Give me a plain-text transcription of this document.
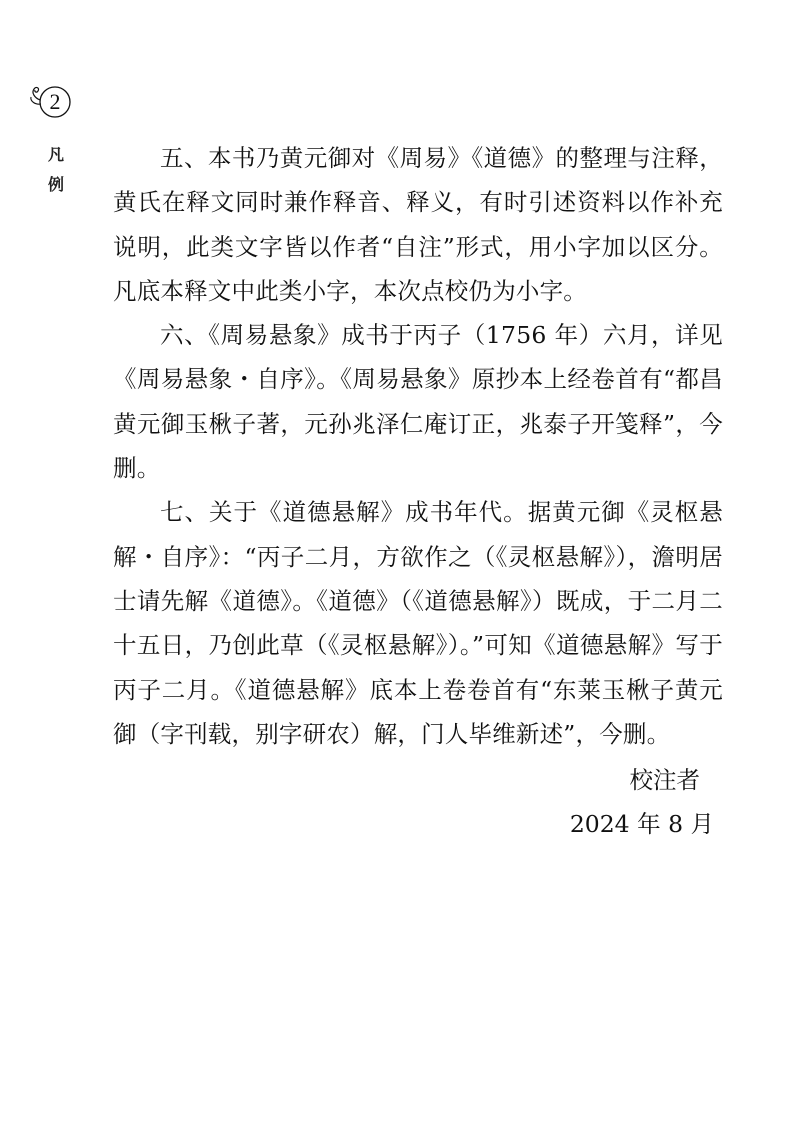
2
凡
例

五、本书乃黄元御对《周易》《道德》的整理与注释，黄氏在释文同时兼作释音、释义，有时引述资料以作补充说明，此类文字皆以作者“自注”形式，用小字加以区分。凡底本释文中此类小字，本次点校仍为小字。

六、《周易悬象》成书于丙子（1756 年）六月，详见《周易悬象・自序》。《周易悬象》原抄本上经卷首有“都昌黄元御玉楸子著，元孙兆泽仁庵订正，兆泰子开笺释”，今删。

七、关于《道德悬解》成书年代。据黄元御《灵枢悬解・自序》：“丙子二月，方欲作之（《灵枢悬解》），澹明居士请先解《道德》。《道德》（《道德悬解》）既成，于二月二十五日，乃创此草（《灵枢悬解》）。”可知《道德悬解》写于丙子二月。《道德悬解》底本上卷卷首有“东莱玉楸子黄元御（字刊载，别字研农）解，门人毕维新述”，今删。

校注者
2024 年 8 月
